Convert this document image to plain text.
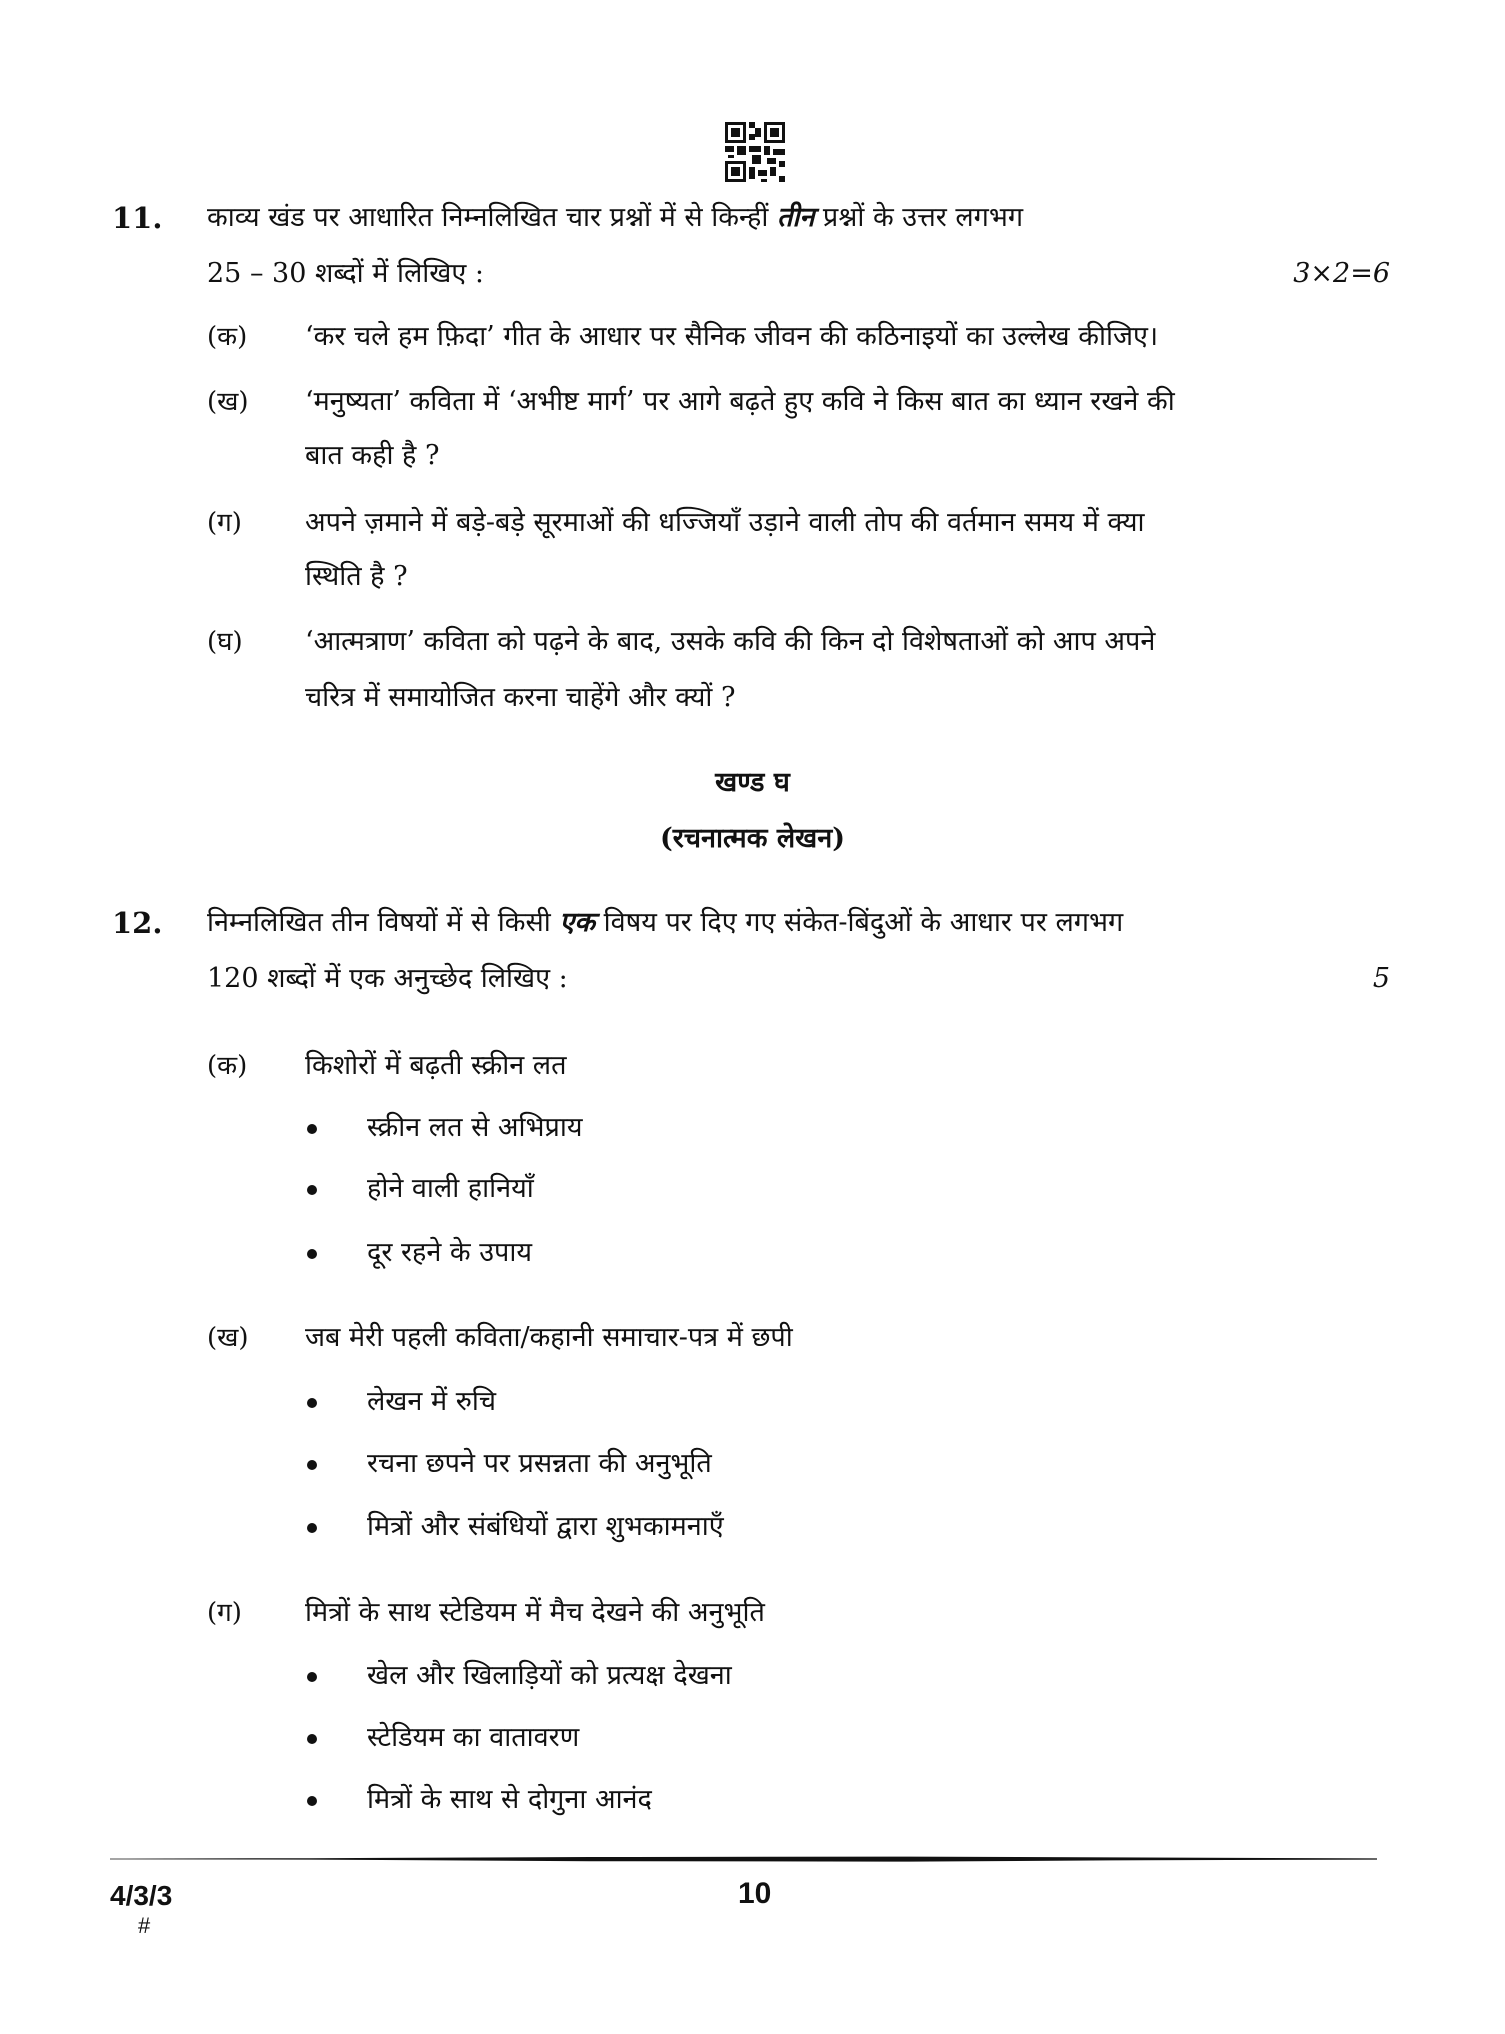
11. काव्य खंड पर आधारित निम्नलिखित चार प्रश्नों में से किन्हीं तीन प्रश्नों के उत्तर लगभग
25 – 30 शब्दों में लिखिए :	3×2=6
(क) ‘कर चले हम फ़िदा’ गीत के आधार पर सैनिक जीवन की कठिनाइयों का उल्लेख कीजिए।
(ख) ‘मनुष्यता’ कविता में ‘अभीष्ट मार्ग’ पर आगे बढ़ते हुए कवि ने किस बात का ध्यान रखने की
बात कही है ?
(ग) अपने ज़माने में बड़े-बड़े सूरमाओं की धज्जियाँ उड़ाने वाली तोप की वर्तमान समय में क्या
स्थिति है ?
(घ) ‘आत्मत्राण’ कविता को पढ़ने के बाद, उसके कवि की किन दो विशेषताओं को आप अपने
चरित्र में समायोजित करना चाहेंगे और क्यों ?
खण्ड घ
(रचनात्मक लेखन)
12. निम्नलिखित तीन विषयों में से किसी एक विषय पर दिए गए संकेत-बिंदुओं के आधार पर लगभग
120 शब्दों में एक अनुच्छेद लिखिए :	5
(क) किशोरों में बढ़ती स्क्रीन लत
स्क्रीन लत से अभिप्राय
होने वाली हानियाँ
दूर रहने के उपाय
(ख) जब मेरी पहली कविता/कहानी समाचार-पत्र में छपी
लेखन में रुचि
रचना छपने पर प्रसन्नता की अनुभूति
मित्रों और संबंधियों द्वारा शुभकामनाएँ
(ग) मित्रों के साथ स्टेडियम में मैच देखने की अनुभूति
खेल और खिलाड़ियों को प्रत्यक्ष देखना
स्टेडियम का वातावरण
मित्रों के साथ से दोगुना आनंद
4/3/3
#
10
